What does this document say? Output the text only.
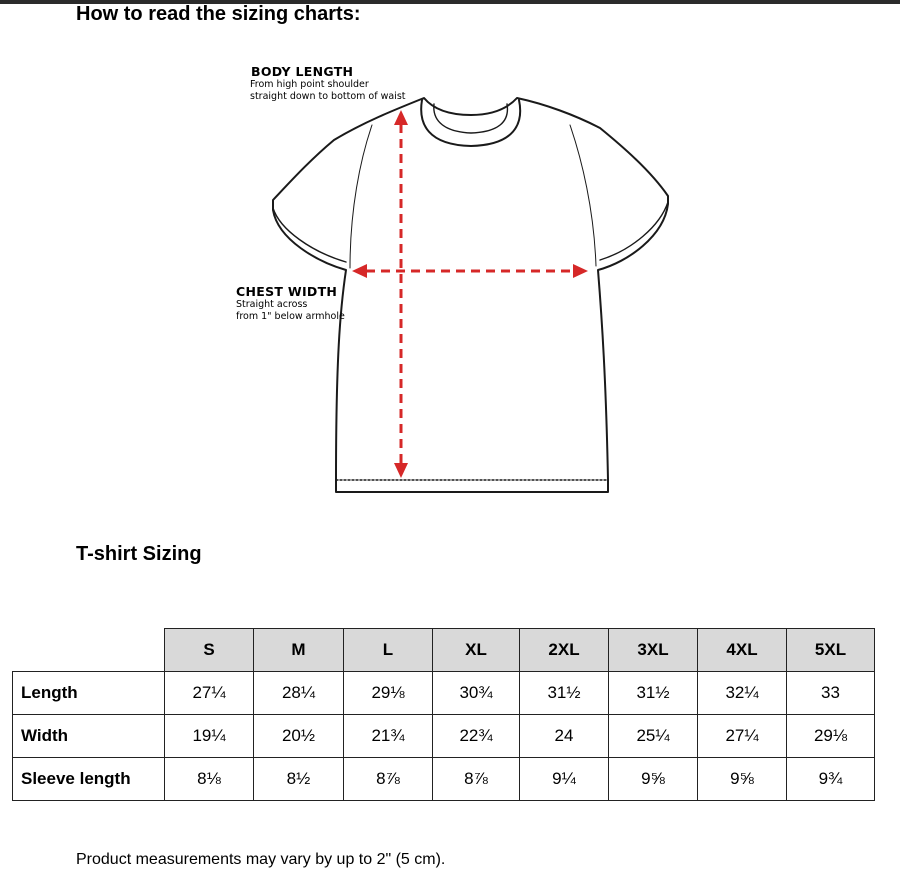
How to read the sizing charts:
BODY LENGTH
From high point shoulder
straight down to bottom of waist
CHEST WIDTH
Straight across
from 1" below armhole
T-shirt Sizing
	S	M	L	XL	2XL	3XL	4XL	5XL
Length	27¼	28¼	29⅛	30¾	31½	31½	32¼	33
Width	19¼	20½	21¾	22¾	24	25¼	27¼	29⅛
Sleeve length	8⅛	8½	8⅞	8⅞	9¼	9⅝	9⅝	9¾
Product measurements may vary by up to 2" (5 cm).
